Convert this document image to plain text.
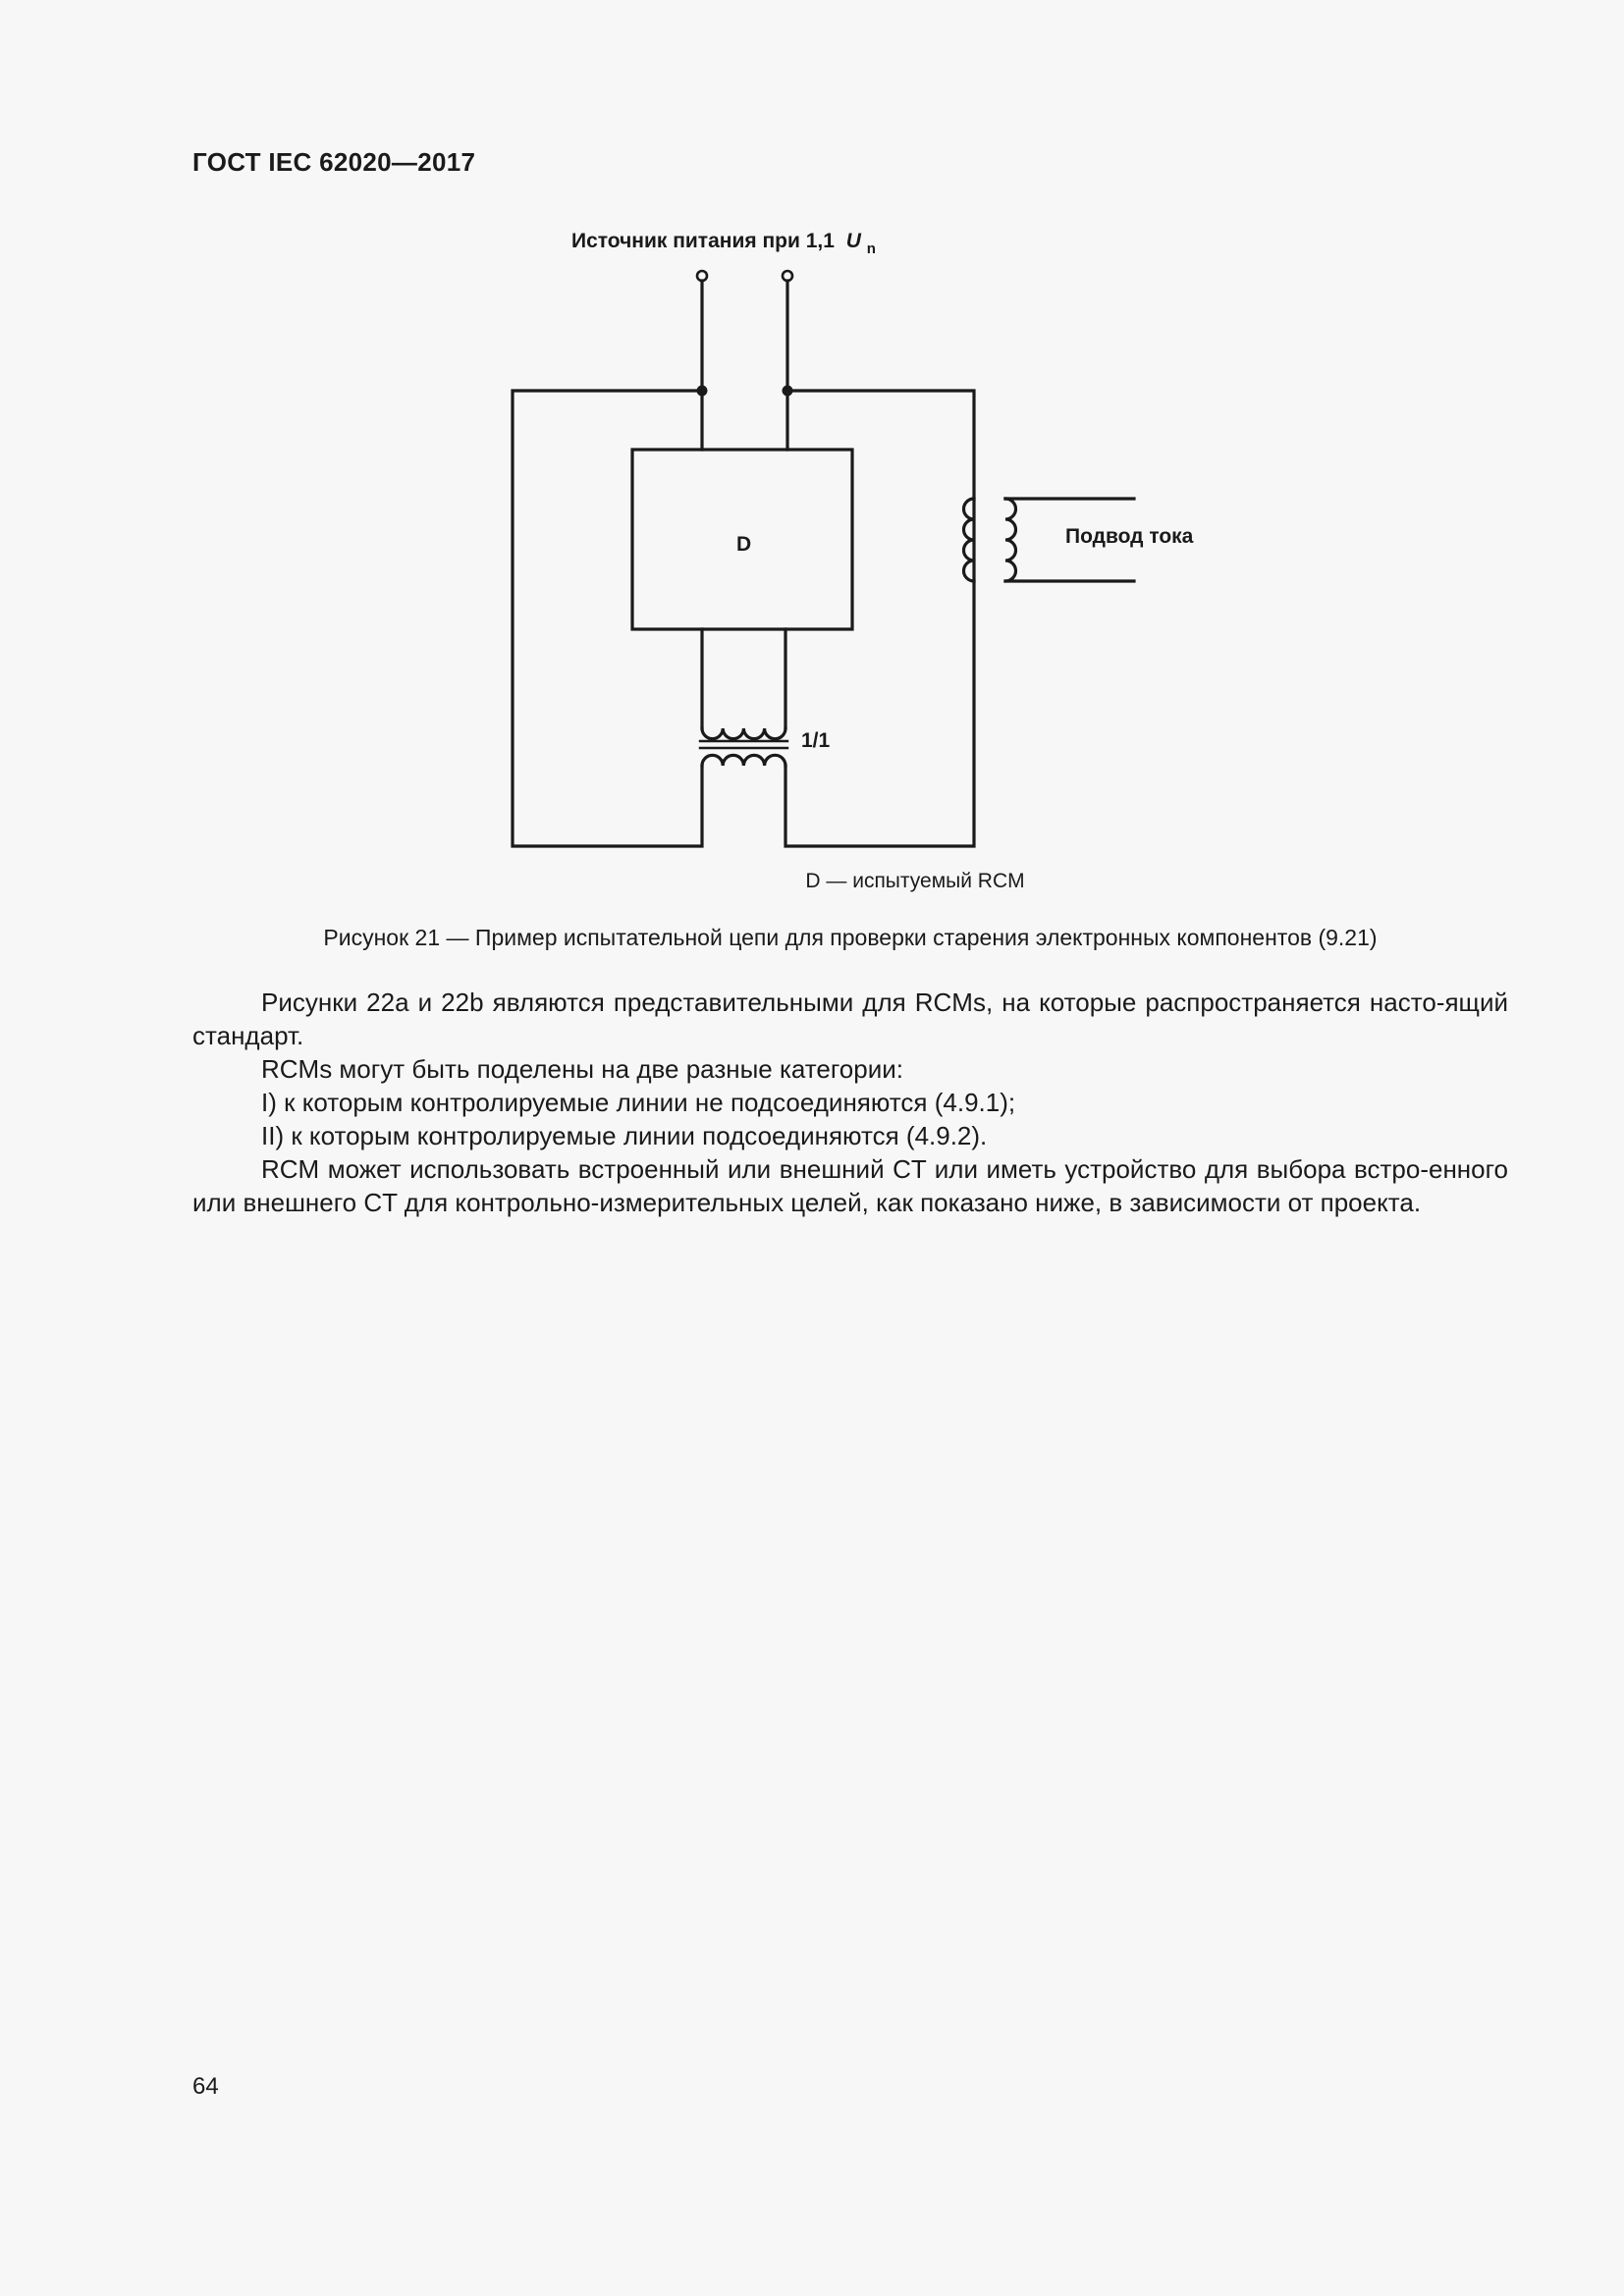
ГОСТ IEC 62020—2017
Источник питания при 1,1 U $_n$
D	Подвод тока
1/1
D — испытуемый RCM
Рисунок 21 — Пример испытательной цепи для проверки старения электронных компонентов (9.21)

Рисунки 22a и 22b являются представительными для RCMs, на которые распространяется насто-ящий стандарт.

RCMs могут быть поделены на две разные категории:

I) к которым контролируемые линии не подсоединяются (4.9.1);

II) к которым контролируемые линии подсоединяются (4.9.2).

RCM может использовать встроенный или внешний CT или иметь устройство для выбора встро-енного или внешнего CT для контрольно-измерительных целей, как показано ниже, в зависимости от проекта.

64
